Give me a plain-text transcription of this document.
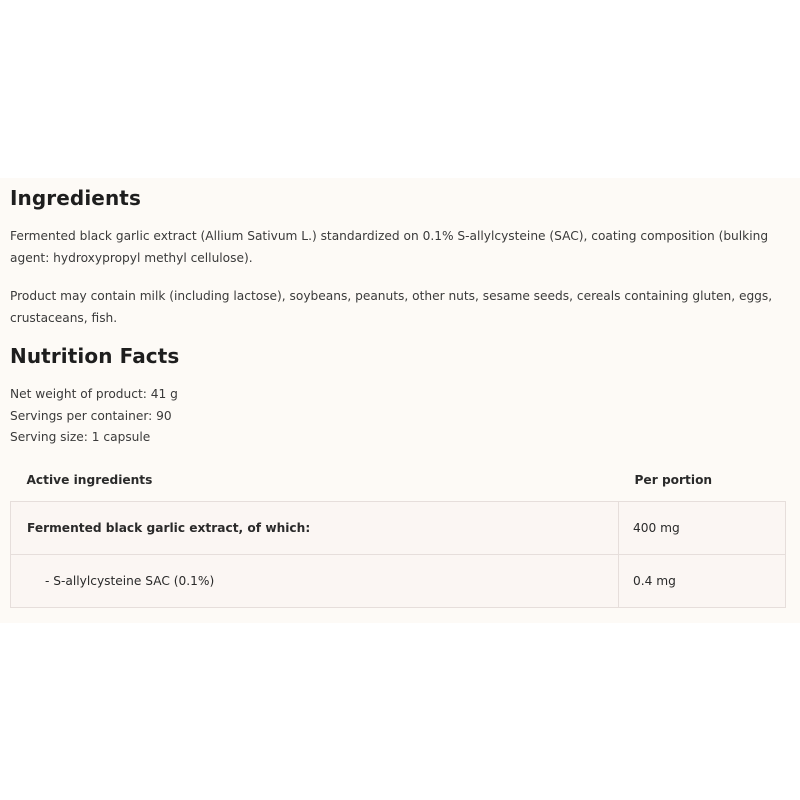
Ingredients

Fermented black garlic extract (Allium Sativum L.) standardized on 0.1% S-allylcysteine (SAC), coating composition (bulking agent: hydroxypropyl methyl cellulose).

Product may contain milk (including lactose), soybeans, peanuts, other nuts, sesame seeds, cereals containing gluten, eggs, crustaceans, fish.

Nutrition Facts
Net weight of product: 41 g
Servings per container: 90
Serving size: 1 capsule
Active ingredients	Per portion
Fermented black garlic extract, of which:	400 mg
- S-allylcysteine SAC (0.1%)	0.4 mg
